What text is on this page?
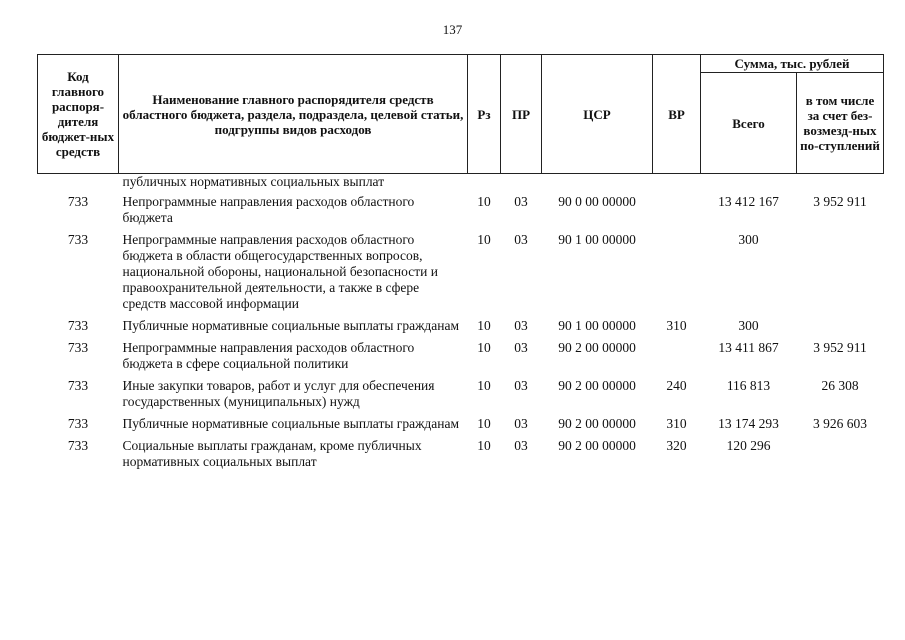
137
Код главного распоря-дителя бюджет-ных средств	Наименование главного распорядителя средств областного бюджета, раздела, подраздела, целевой статьи, подгруппы видов расходов	Рз	ПР	ЦСР	ВР	Сумма, тыс. рублей	
						Всего	в том числе за счет без-возмезд-ных по-ступлений
	публичных нормативных социальных выплат						
733	Непрограммные направления расходов областного бюджета	10	03	90 0 00 00000		13 412 167	3 952 911
733	Непрограммные направления расходов областного бюджета в области общегосударственных вопросов, национальной обороны, национальной безопасности и правоохранительной деятельности, а также в сфере средств массовой информации	10	03	90 1 00 00000		300	
733	Публичные нормативные социальные выплаты гражданам	10	03	90 1 00 00000	310	300	
733	Непрограммные направления расходов областного бюджета в сфере социальной политики	10	03	90 2 00 00000		13 411 867	3 952 911
733	Иные закупки товаров, работ и услуг для обеспечения государственных (муниципальных) нужд	10	03	90 2 00 00000	240	116 813	26 308
733	Публичные нормативные социальные выплаты гражданам	10	03	90 2 00 00000	310	13 174 293	3 926 603
733	Социальные выплаты гражданам, кроме публичных нормативных социальных выплат	10	03	90 2 00 00000	320	120 296	
